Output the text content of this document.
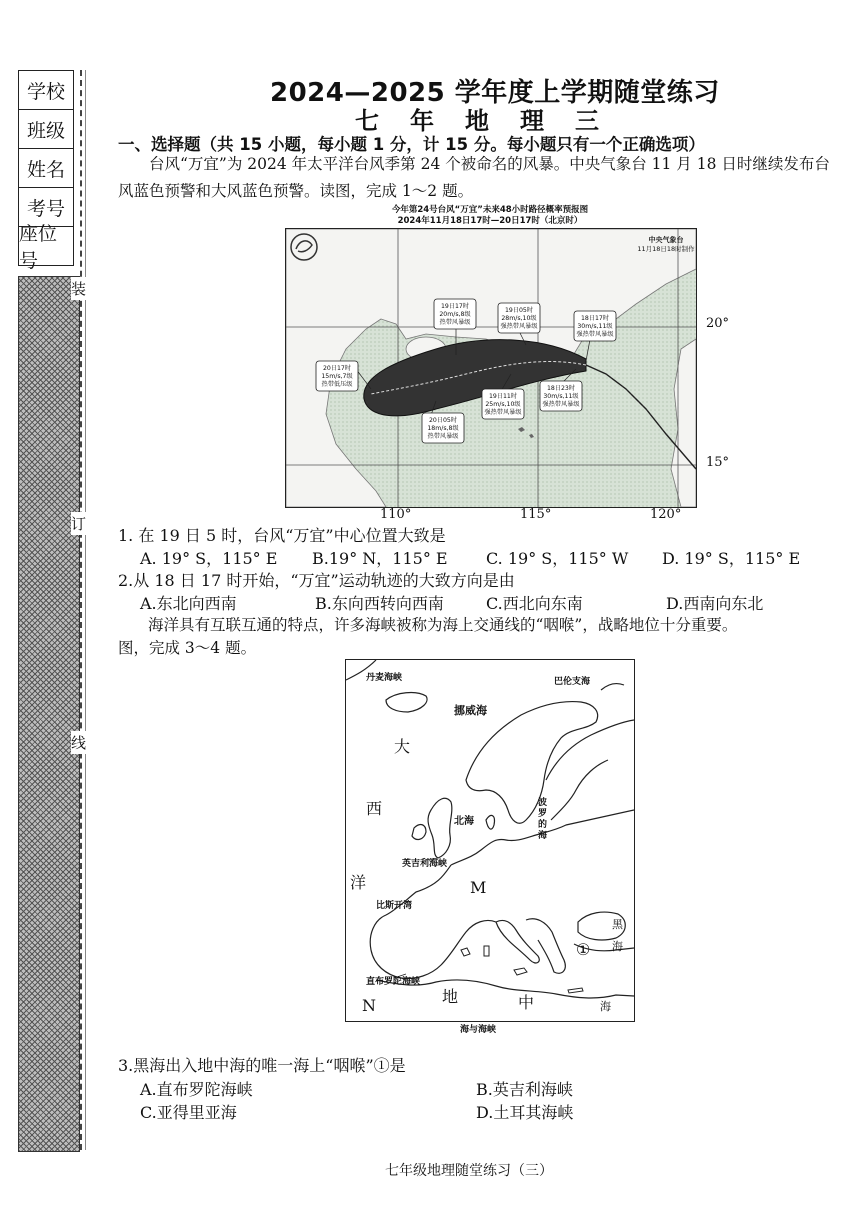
学校
班级
姓名
考号
座位号
装
订
线
2024—2025 学年度上学期随堂练习
七年地理三
一、选择题（共 15 小题，每小题 1 分，计 15 分。每小题只有一个正确选项）
台风“万宜”为 2024 年太平洋台风季第 24 个被命名的风暴。中央气象台 11 月 18 日时继续发布台风蓝色预警和大风蓝色预警。读图，完成 1～2 题。
今年第24号台风“万宜”未来48小时路径概率预报图
2024年11月18日17时—20日17时（北京时）
19日17时
20m/s,8级
热带风暴级
19日05时
28m/s,10级
强热带风暴级
18日17时
30m/s,11级
强热带风暴级
20日17时
15m/s,7级
热带低压级
18日23时
30m/s,11级
强热带风暴级
19日11时
25m/s,10级
强热带风暴级
20日05时
18m/s,8级
热带风暴级
中央气象台
11月18日18时制作
20°
15°
110°	115°	120°
1. 在 19 日 5 时，台风“万宜”中心位置大致是
A. 19° S，115° E B.19° N，115° E C. 19° S，115° W D. 19° S，115° E
2.从 18 日 17 时开始，“万宜”运动轨迹的大致方向是由
A.东北向西南	B.东向西转向西南	C.西北向东南	D.西南向东北
海洋具有互联互通的特点，许多海峡被称为海上交通线的“咽喉”，战略地位十分重要。
图，完成 3～4 题。
丹麦海峡	巴伦支海
挪威海
北海
波罗的海
英吉利海峡
比斯开湾
直布罗陀海峡
大
西
洋	M
N	地	中	海
黑
海
①
海与海峡
3.黑海出入地中海的唯一海上“咽喉”①是
A.直布罗陀海峡	B.英吉利海峡
C.亚得里亚海	D.土耳其海峡
七年级地理随堂练习（三）
